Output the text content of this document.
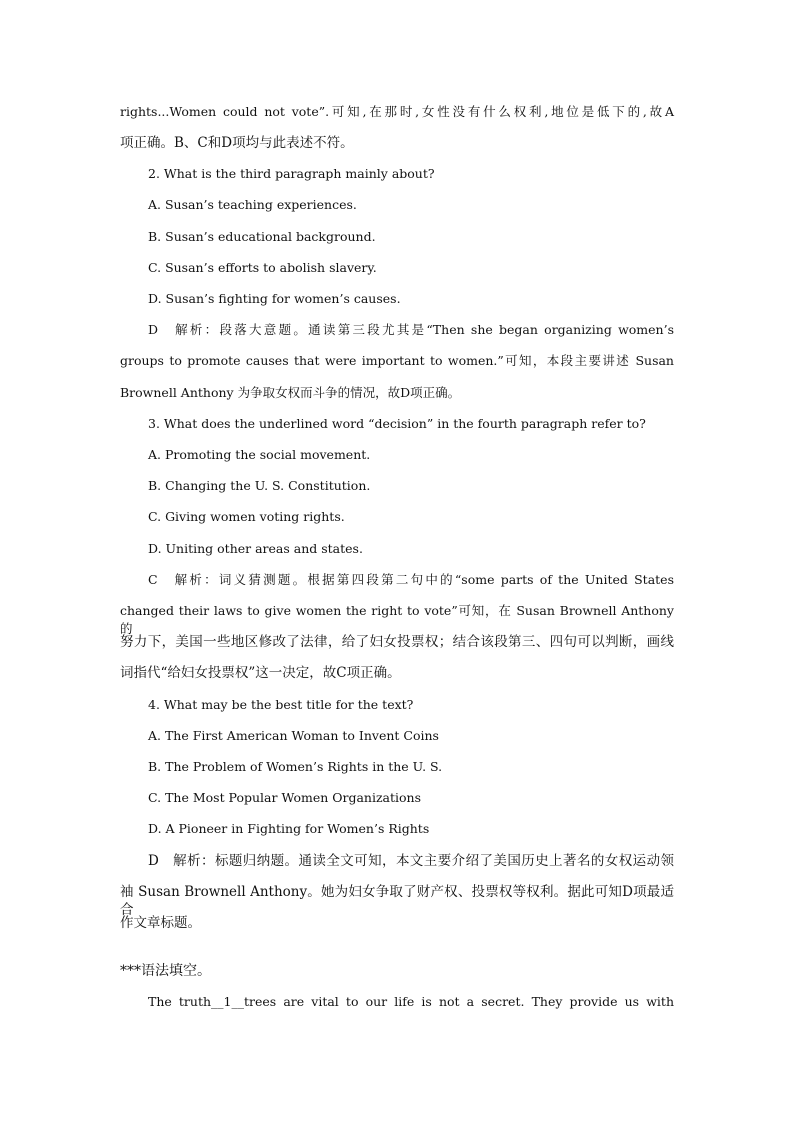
rights...Women could not vote”.可知,在那时,女性没有什么权利,地位是低下的,故A
项正确。B、C和D项均与此表述不符。
2. What is the third paragraph mainly about?
A. Susan’s teaching experiences.
B. Susan’s educational background.
C. Susan’s efforts to abolish slavery.
D. Susan’s fighting for women’s causes.
D　解析：段落大意题。通读第三段尤其是“Then she began organizing women’s
groups to promote causes that were important to women.”可知，本段主要讲述 Susan
Brownell Anthony 为争取女权而斗争的情况，故D项正确。
3. What does the underlined word “decision” in the fourth paragraph refer to?
A. Promoting the social movement.
B. Changing the U. S. Constitution.
C. Giving women voting rights.
D. Uniting other areas and states.
C　解析：词义猜测题。根据第四段第二句中的“some parts of the United States
changed their laws to give women the right to vote”可知，在 Susan Brownell Anthony 的
努力下，美国一些地区修改了法律，给了妇女投票权；结合该段第三、四句可以判断，画线
词指代“给妇女投票权”这一决定，故C项正确。
4. What may be the best title for the text?
A. The First American Woman to Invent Coins
B. The Problem of Women’s Rights in the U. S.
C. The Most Popular Women Organizations
D. A Pioneer in Fighting for Women’s Rights
D　解析：标题归纳题。通读全文可知，本文主要介绍了美国历史上著名的女权运动领
袖 Susan Brownell Anthony。她为妇女争取了财产权、投票权等权利。据此可知D项最适合
作文章标题。
***语法填空。
The truth__1__trees are vital to our life is not a secret. They provide us with
